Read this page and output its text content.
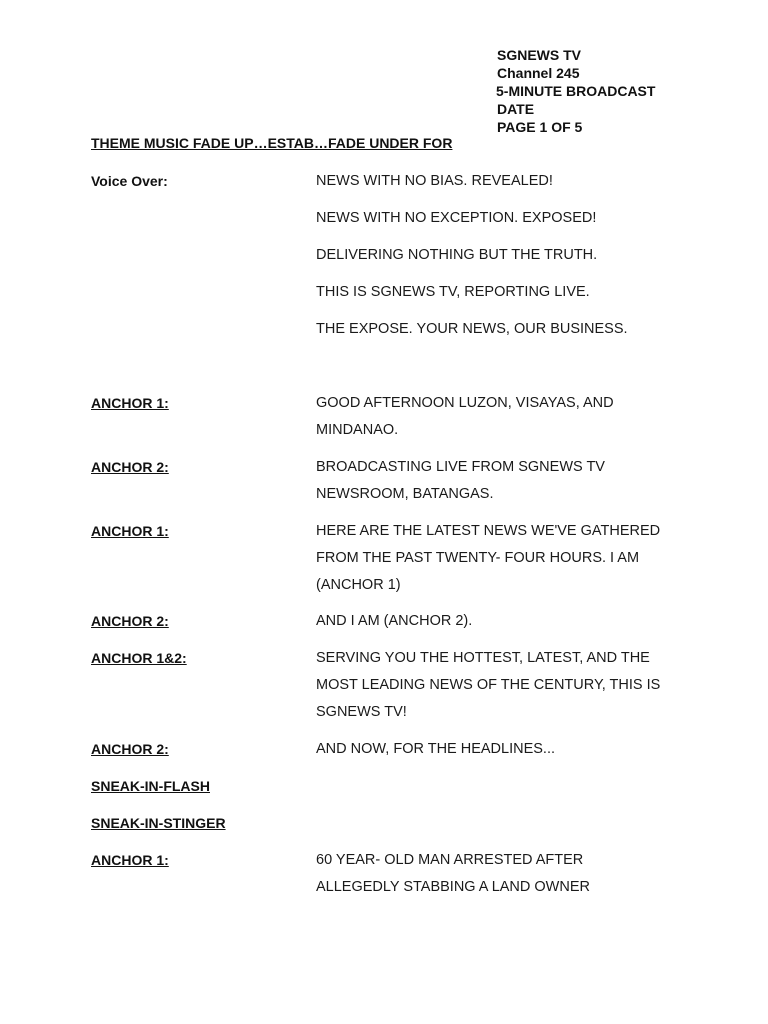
SGNEWS TV
Channel 245
5-MINUTE BROADCAST
DATE
PAGE 1 OF 5
THEME MUSIC FADE UP…ESTAB…FADE UNDER FOR
Voice Over:	NEWS WITH NO BIAS. REVEALED!
NEWS WITH NO EXCEPTION. EXPOSED!
DELIVERING NOTHING BUT THE TRUTH.
THIS IS SGNEWS TV, REPORTING LIVE.
THE EXPOSE. YOUR NEWS, OUR BUSINESS.
ANCHOR 1:	GOOD AFTERNOON LUZON, VISAYAS, AND
MINDANAO.
ANCHOR 2:	BROADCASTING LIVE FROM SGNEWS TV
NEWSROOM, BATANGAS.
ANCHOR 1:	HERE ARE THE LATEST NEWS WE'VE GATHERED
FROM THE PAST TWENTY- FOUR HOURS. I AM
(ANCHOR 1)
ANCHOR 2:	AND I AM (ANCHOR 2).
ANCHOR 1&2:	SERVING YOU THE HOTTEST, LATEST, AND THE
MOST LEADING NEWS OF THE CENTURY, THIS IS
SGNEWS TV!
ANCHOR 2:	AND NOW, FOR THE HEADLINES...
SNEAK-IN-FLASH
SNEAK-IN-STINGER
ANCHOR 1:	60 YEAR- OLD MAN ARRESTED AFTER
ALLEGEDLY STABBING A LAND OWNER
